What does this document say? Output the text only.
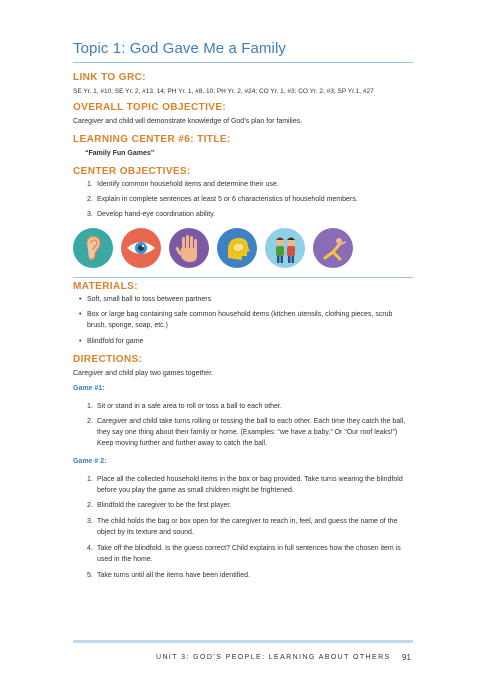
Topic 1: God Gave Me a Family
LINK TO GRC:
SE Yr. 1, #10; SE Yr. 2, #13, 14; PH Yr. 1, #8, 10; PH Yr. 2, #24; CO Yr. 1, #3; CO Yr. 2, #3; SP Yr.1, #27
OVERALL TOPIC OBJECTIVE:
Caregiver and child will demonstrate knowledge of God’s plan for families.
LEARNING CENTER #6: TITLE:
“Family Fun Games”
CENTER OBJECTIVES:
1. Identify common household items and determine their use.
2. Explain in complete sentences at least 5 or 6 characteristics of household members.
3. Develop hand-eye coordination ability.
MATERIALS:
• Soft, small ball to toss between partners
• Box or large bag containing safe common household items (kitchen utensils, clothing pieces, scrub brush, sponge, soap, etc.)
• Blindfold for game
DIRECTIONS:
Caregiver and child play two games together.
Game #1:
1. Sit or stand in a safe area to roll or toss a ball to each other.
2. Caregiver and child take turns rolling or tossing the ball to each other. Each time they catch the ball, they say one thing about their family or home. (Examples: “we have a baby.” Or “Our roof leaks!”) Keep moving further and further away to catch the ball.
Game # 2:
1. Place all the collected household items in the box or bag provided. Take turns wearing the blindfold before you play the game as small children might be frightened.
2. Blindfold the caregiver to be the first player.
3. The child holds the bag or box open for the caregiver to reach in, feel, and guess the name of the object by its texture and sound.
4. Take off the blindfold. Is the guess correct? Child explains in full sentences how the chosen item is used in the home.
5. Take turns until all the items have been identified.
UNIT 3: GOD’S PEOPLE: LEARNING ABOUT OTHERS 91
